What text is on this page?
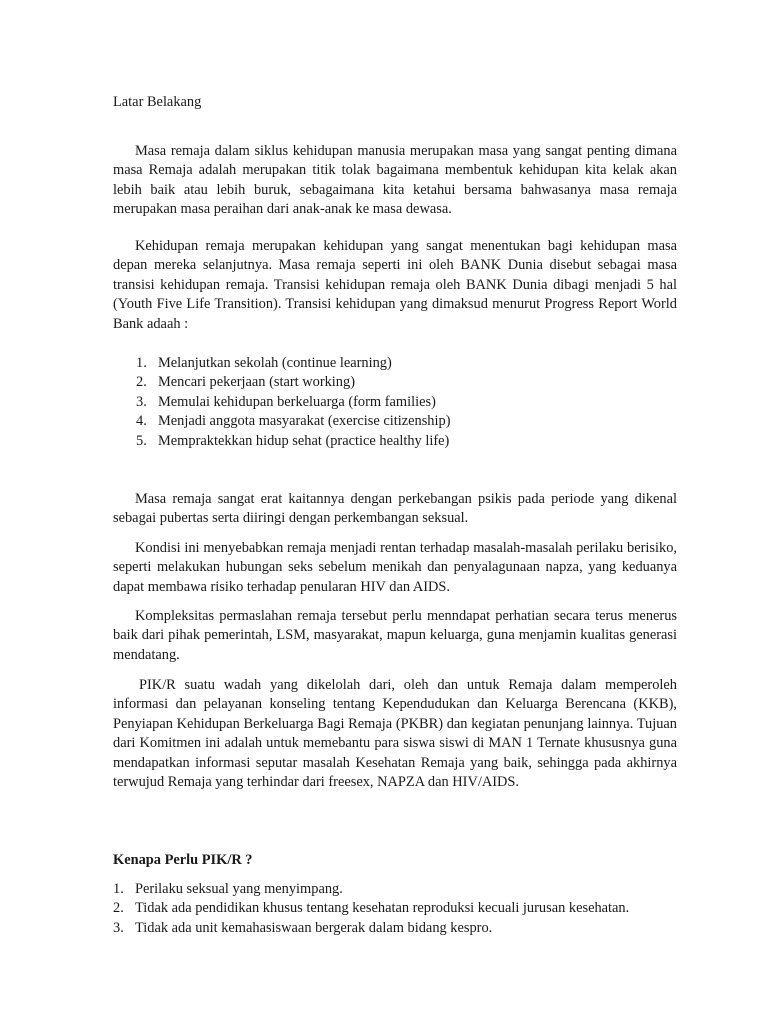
Latar Belakang

Masa remaja dalam siklus kehidupan manusia merupakan masa yang sangat penting dimana masa Remaja adalah merupakan titik tolak bagaimana membentuk kehidupan kita kelak akan lebih baik atau lebih buruk, sebagaimana kita ketahui bersama bahwasanya masa remaja merupakan masa peraihan dari anak-anak ke masa dewasa.

Kehidupan remaja merupakan kehidupan yang sangat menentukan bagi kehidupan masa depan mereka selanjutnya. Masa remaja seperti ini oleh BANK Dunia disebut sebagai masa transisi kehidupan remaja. Transisi kehidupan remaja oleh BANK Dunia dibagi menjadi 5 hal (Youth Five Life Transition). Transisi kehidupan yang dimaksud menurut Progress Report World Bank adaah :

1. Melanjutkan sekolah (continue learning)
2. Mencari pekerjaan (start working)
3. Memulai kehidupan berkeluarga (form families)
4. Menjadi anggota masyarakat (exercise citizenship)
5. Mempraktekkan hidup sehat (practice healthy life)

Masa remaja sangat erat kaitannya dengan perkebangan psikis pada periode yang dikenal sebagai pubertas serta diiringi dengan perkembangan seksual.

Kondisi ini menyebabkan remaja menjadi rentan terhadap masalah-masalah perilaku berisiko, seperti melakukan hubungan seks sebelum menikah dan penyalagunaan napza, yang keduanya dapat membawa risiko terhadap penularan HIV dan AIDS.

Kompleksitas permaslahan remaja tersebut perlu menndapat perhatian secara terus menerus baik dari pihak pemerintah, LSM, masyarakat, mapun keluarga, guna menjamin kualitas generasi mendatang.

PIK/R suatu wadah yang dikelolah dari, oleh dan untuk Remaja dalam memperoleh informasi dan pelayanan konseling tentang Kependudukan dan Keluarga Berencana (KKB), Penyiapan Kehidupan Berkeluarga Bagi Remaja (PKBR) dan kegiatan penunjang lainnya. Tujuan dari Komitmen ini adalah untuk memebantu para siswa siswi di MAN 1 Ternate khususnya guna mendapatkan informasi seputar masalah Kesehatan Remaja yang baik, sehingga pada akhirnya terwujud Remaja yang terhindar dari freesex, NAPZA dan HIV/AIDS.

Kenapa Perlu PIK/R ?

1. Perilaku seksual yang menyimpang.
2. Tidak ada pendidikan khusus tentang kesehatan reproduksi kecuali jurusan kesehatan.
3. Tidak ada unit kemahasiswaan bergerak dalam bidang kespro.
